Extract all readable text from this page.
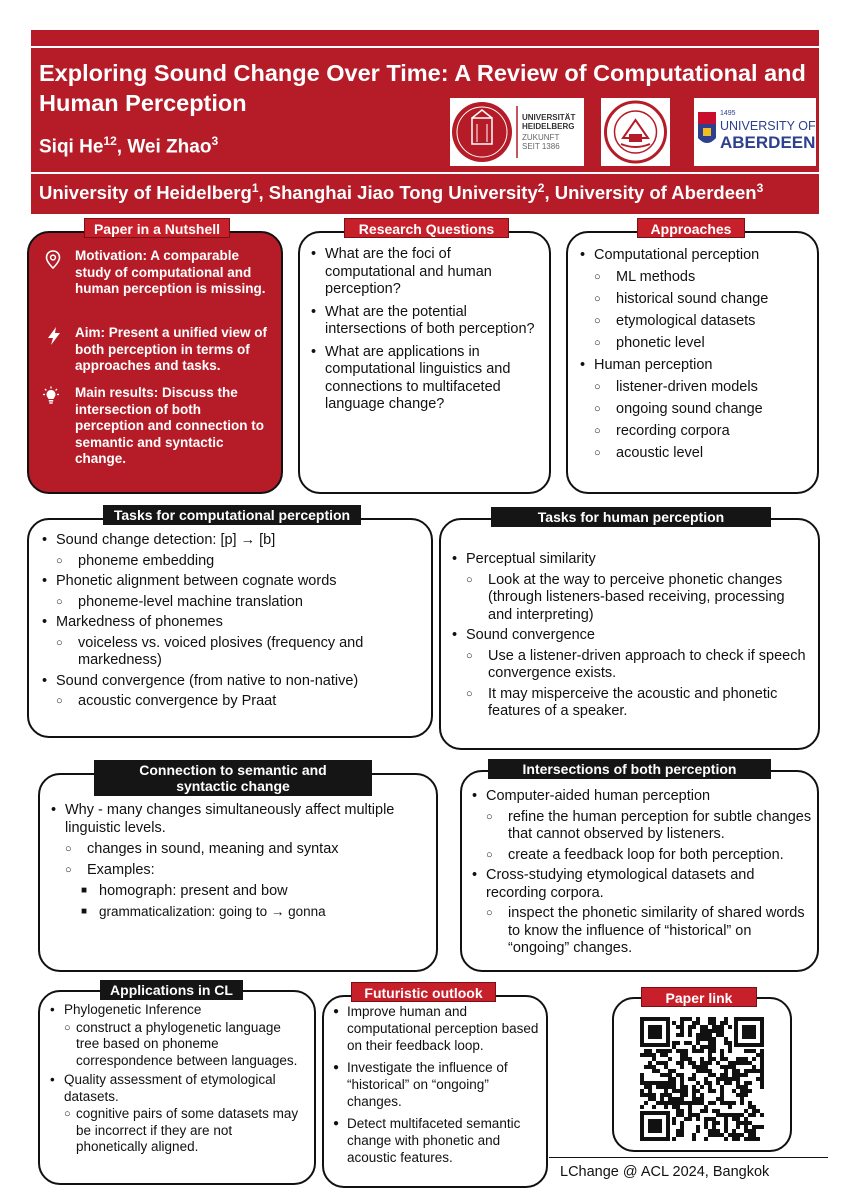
Exploring Sound Change Over Time: A Review of Computational and Human Perception
Siqi He$^{12}$, Wei Zhao$^3$
UNIVERSITÄT
HEIDELBERG
ZUKUNFT
SEIT 1386
1495
UNIVERSITY OF
ABERDEEN
University of Heidelberg$^1$, Shanghai Jiao Tong University$^2$, University of Aberdeen$^3$
Paper in a Nutshell
Motivation: A comparable study of computational and human perception is missing.
Aim: Present a unified view of both perception in terms of approaches and tasks.
Main results: Discuss the intersection of both perception and connection to semantic and syntactic change.
Research Questions
• What are the foci of computational and human perception?
• What are the potential intersections of both perception?
• What are applications in computational linguistics and connections to multifaceted language change?
Approaches
• Computational perception
○ ML methods
○ historical sound change
○ etymological datasets
○ phonetic level
• Human perception
○ listener-driven models
○ ongoing sound change
○ recording corpora
○ acoustic level
Tasks for computational perception
• Sound change detection: [p] → [b]
○ phoneme embedding
• Phonetic alignment between cognate words
○ phoneme-level machine translation
• Markedness of phonemes
○ voiceless vs. voiced plosives (frequency and markedness)
• Sound convergence (from native to non-native)
○ acoustic convergence by Praat
Tasks for human perception
• Perceptual similarity
○ Look at the way to perceive phonetic changes (through listeners-based receiving, processing and interpreting)
• Sound convergence
○ Use a listener-driven approach to check if speech convergence exists.
○ It may misperceive the acoustic and phonetic features of a speaker.
Connection to semantic and
syntactic change
• Why - many changes simultaneously affect multiple linguistic levels.
○ changes in sound, meaning and syntax
○ Examples:
■ homograph: present and bow
■ grammaticalization: going to → gonna
Intersections of both perception
• Computer-aided human perception
○ refine the human perception for subtle changes that cannot observed by listeners.
○ create a feedback loop for both perception.
• Cross-studying etymological datasets and recording corpora.
○ inspect the phonetic similarity of shared words to know the influence of “historical” on “ongoing” changes.
Applications in CL
• Phylogenetic Inference
○ construct a phylogenetic language tree based on phoneme correspondence between languages.
• Quality assessment of etymological datasets.
○ cognitive pairs of some datasets may be incorrect if they are not phonetically aligned.
Futuristic outlook
● Improve human and computational perception based on their feedback loop.
● Investigate the influence of “historical” on “ongoing” changes.
● Detect multifaceted semantic change with phonetic and acoustic features.
Paper link
LChange @ ACL 2024, Bangkok
